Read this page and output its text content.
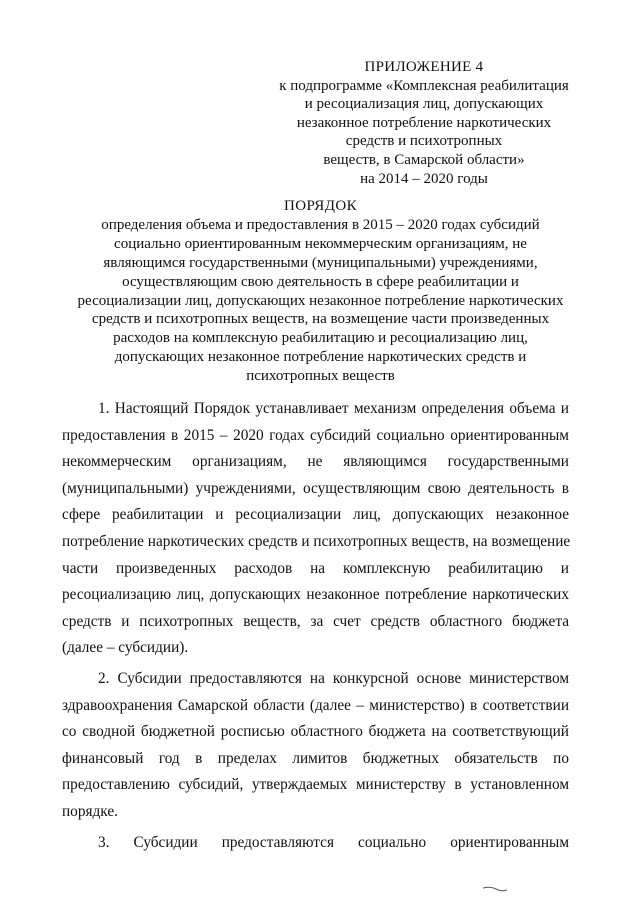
ПРИЛОЖЕНИЕ 4
к подпрограмме «Комплексная реабилитация
и ресоциализация лиц, допускающих
незаконное потребление наркотических
средств и психотропных
веществ, в Самарской области»
на 2014 – 2020 годы
ПОРЯДОК
определения объема и предоставления в 2015 – 2020 годах субсидий
социально ориентированным некоммерческим организациям, не
являющимся государственными (муниципальными) учреждениями,
осуществляющим свою деятельность в сфере реабилитации и
ресоциализации лиц, допускающих незаконное потребление наркотических
средств и психотропных веществ, на возмещение части произведенных
расходов на комплексную реабилитацию и ресоциализацию лиц,
допускающих незаконное потребление наркотических средств и
психотропных веществ
1. Настоящий Порядок устанавливает механизм определения объема и
предоставления в 2015 – 2020 годах субсидий социально ориентированным
некоммерческим организациям, не являющимся государственными
(муниципальными) учреждениями, осуществляющим свою деятельность в
сфере реабилитации и ресоциализации лиц, допускающих незаконное
потребление наркотических средств и психотропных веществ, на возмещение
части произведенных расходов на комплексную реабилитацию и
ресоциализацию лиц, допускающих незаконное потребление наркотических
средств и психотропных веществ, за счет средств областного бюджета
(далее – субсидии).
2. Субсидии предоставляются на конкурсной основе министерством
здравоохранения Самарской области (далее – министерство) в соответствии
со сводной бюджетной росписью областного бюджета на соответствующий
финансовый год в пределах лимитов бюджетных обязательств по
предоставлению субсидий, утверждаемых министерству в установленном
порядке.
3. Субсидии предоставляются социально ориентированным
